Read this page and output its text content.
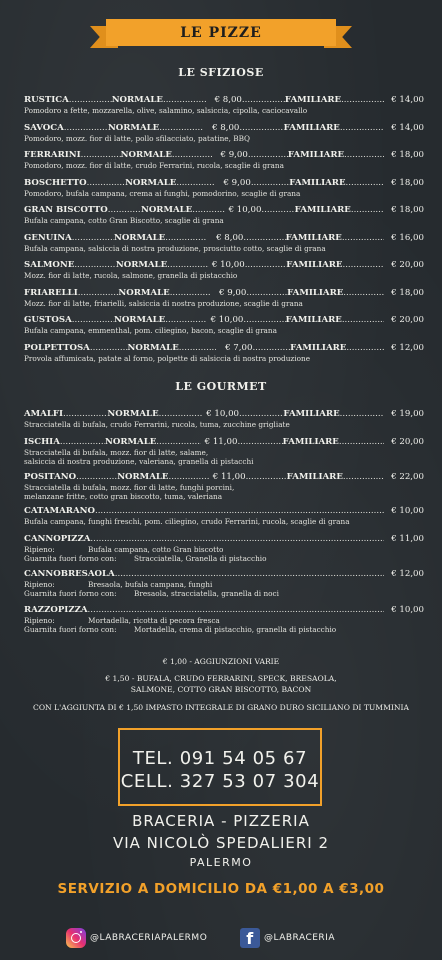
LE PIZZE
LE SFIZIOSE
RUSTICA .....	NORMALE .....	€ 8,00 .....	FAMILIARE .....	€ 14,00
Pomodoro a fette, mozzarella, olive, salamino, salsiccia, cipolla, caciocavallo
SAVOCA .....	NORMALE .....	€ 8,00 .....	FAMILIARE .....	€ 14,00
Pomodoro, mozz. fior di latte, pollo sfilacciato, patatine, BBQ
FERRARINI .....	NORMALE .....	€ 9,00 .....	FAMILIARE .....	€ 18,00
Pomodoro, mozz. fior di latte, crudo Ferrarini, rucola, scaglie di grana
BOSCHETTO .....	NORMALE .....	€ 9,00 .....	FAMILIARE .....	€ 18,00
Pomodoro, bufala campana, crema ai funghi, pomodorino, scaglie di grana
GRAN BISCOTTO .....	NORMALE .....	€ 10,00 .....	FAMILIARE .....	€ 18,00
Bufala campana, cotto Gran Biscotto, scaglie di grana
GENUINA .....	NORMALE .....	€ 8,00 .....	FAMILIARE .....	€ 16,00
Bufala campana, salsiccia di nostra produzione, prosciutto cotto, scaglie di grana
SALMONE .....	NORMALE .....	€ 10,00 .....	FAMILIARE .....	€ 20,00
Mozz. fior di latte, rucola, salmone, granella di pistacchio
FRIARELLI .....	NORMALE .....	€ 9,00 .....	FAMILIARE .....	€ 18,00
Mozz. fior di latte, friarielli, salsiccia di nostra produzione, scaglie di grana
GUSTOSA .....	NORMALE .....	€ 10,00 .....	FAMILIARE .....	€ 20,00
Bufala campana, emmenthal, pom. ciliegino, bacon, scaglie di grana
POLPETTOSA .....	NORMALE .....	€ 7,00 .....	FAMILIARE .....	€ 12,00
Provola affumicata, patate al forno, polpette di salsiccia di nostra produzione
LE GOURMET
AMALFI .....	NORMALE .....	€ 10,00 .....	FAMILIARE .....	€ 19,00
Stracciatella di bufala, crudo Ferrarini, rucola, tuma, zucchine grigliate
ISCHIA .....	NORMALE .....	€ 11,00 .....	FAMILIARE .....	€ 20,00
Stracciatella di bufala, mozz. fior di latte, salame,
salsiccia di nostra produzione, valeriana, granella di pistacchi
POSITANO .....	NORMALE .....	€ 11,00 .....	FAMILIARE .....	€ 22,00
Stracciatella di bufala, mozz. fior di latte, funghi porcini,
melanzane fritte, cotto gran biscotto, tuma, valeriana
CATAMARANO .....	€ 10,00
Bufala campana, funghi freschi, pom. ciliegino, crudo Ferrarini, rucola, scaglie di grana
CANNOPIZZA .....	€ 11,00
Ripieno:	Bufala campana, cotto Gran biscotto
Guarnita fuori forno con: Stracciatella, Granella di pistacchio
CANNOBRESAOLA .....	€ 12,00
Ripieno:	Bresaola, bufala campana, funghi
Guarnita fuori forno con: Bresaola, stracciatella, granella di noci
RAZZOPIZZA .....	€ 10,00
Ripieno:	Mortadella, ricotta di pecora fresca
Guarnita fuori forno con: Mortadella, crema di pistacchio, granella di pistacchio
€ 1,00 - AGGIUNZIONI VARIE
€ 1,50 - BUFALA, CRUDO FERRARINI, SPECK, BRESAOLA,
SALMONE, COTTO GRAN BISCOTTO, BACON
CON L'AGGIUNTA DI € 1,50 IMPASTO INTEGRALE DI GRANO DURO SICILIANO DI TUMMINIA
TEL. 091 54 05 67
CELL. 327 53 07 304
BRACERIA - PIZZERIA
VIA NICOLÒ SPEDALIERI 2
PALERMO
SERVIZIO A DOMICILIO DA €1,00 A €3,00
@LABRACERIAPALERMO	f	@LABRACERIA
